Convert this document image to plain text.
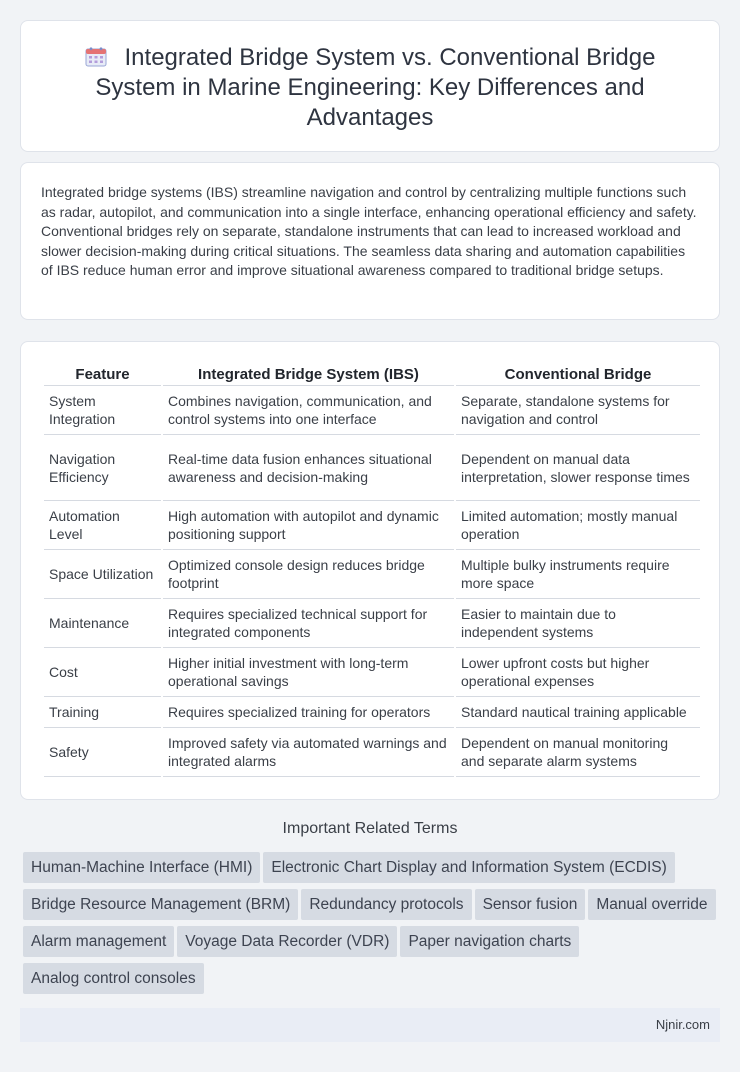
Integrated Bridge System vs. Conventional Bridge System in Marine Engineering: Key Differences and Advantages

Integrated bridge systems (IBS) streamline navigation and control by centralizing multiple functions such as radar, autopilot, and communication into a single interface, enhancing operational efficiency and safety. Conventional bridges rely on separate, standalone instruments that can lead to increased workload and slower decision-making during critical situations. The seamless data sharing and automation capabilities of IBS reduce human error and improve situational awareness compared to traditional bridge setups.

Feature	Integrated Bridge System (IBS)	Conventional Bridge
System Integration	Combines navigation, communication, and control systems into one interface	Separate, standalone systems for navigation and control
Navigation Efficiency	Real-time data fusion enhances situational awareness and decision-making	Dependent on manual data interpretation, slower response times
Automation Level	High automation with autopilot and dynamic positioning support	Limited automation; mostly manual operation
Space Utilization	Optimized console design reduces bridge footprint	Multiple bulky instruments require more space
Maintenance	Requires specialized technical support for integrated components	Easier to maintain due to independent systems
Cost	Higher initial investment with long-term operational savings	Lower upfront costs but higher operational expenses
Training	Requires specialized training for operators	Standard nautical training applicable
Safety	Improved safety via automated warnings and integrated alarms	Dependent on manual monitoring and separate alarm systems
Important Related Terms
Human-Machine Interface (HMI) Electronic Chart Display and Information System (ECDIS)Bridge Resource Management (BRM) Redundancy protocols Sensor fusion Manual overrideAlarm management Voyage Data Recorder (VDR) Paper navigation chartsAnalog control consoles
Njnir.com
